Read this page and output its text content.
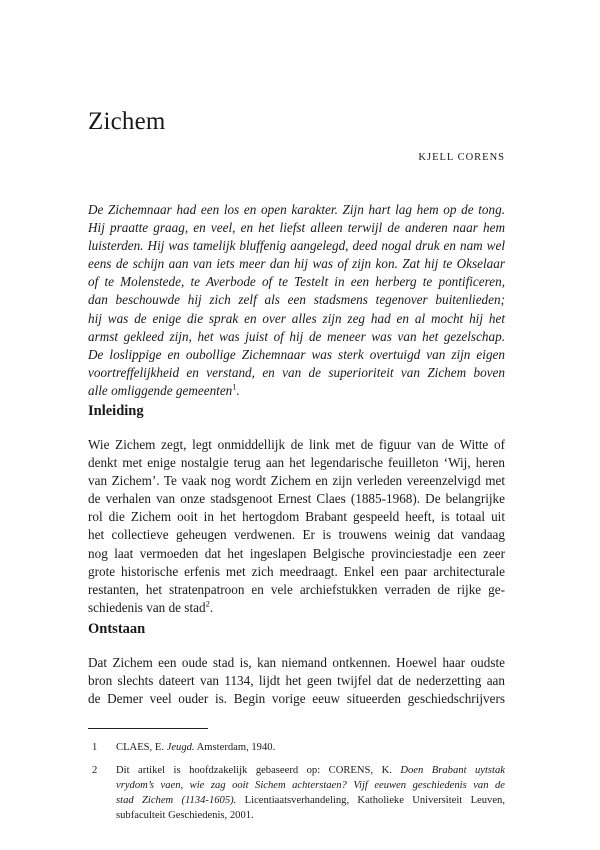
Zichem

KJELL CORENS

De Zichemnaar had een los en open karakter. Zijn hart lag hem op de tong.
Hij praatte graag, en veel, en het liefst alleen terwijl de anderen naar hem
luisterden. Hij was tamelijk bluffenig aangelegd, deed nogal druk en nam wel
eens de schijn aan van iets meer dan hij was of zijn kon. Zat hij te Okselaar
of te Molenstede, te Averbode of te Testelt in een herberg te pontificeren,
dan beschouwde hij zich zelf als een stadsmens tegenover buitenlieden;
hij was de enige die sprak en over alles zijn zeg had en al mocht hij het
armst gekleed zijn, het was juist of hij de meneer was van het gezelschap.
De loslippige en oubollige Zichemnaar was sterk overtuigd van zijn eigen
voortreffelijkheid en verstand, en van de superioriteit van Zichem boven
alle omliggende gemeenten$^1$.
Inleiding
Wie Zichem zegt, legt onmiddellijk de link met de figuur van de Witte of
denkt met enige nostalgie terug aan het legendarische feuilleton ‘Wij, heren
van Zichem’. Te vaak nog wordt Zichem en zijn verleden vereenzelvigd met
de verhalen van onze stadsgenoot Ernest Claes (1885-1968). De belangrijke
rol die Zichem ooit in het hertogdom Brabant gespeeld heeft, is totaal uit
het collectieve geheugen verdwenen. Er is trouwens weinig dat vandaag
nog laat vermoeden dat het ingeslapen Belgische provinciestadje een zeer
grote historische erfenis met zich meedraagt. Enkel een paar architecturale
restanten, het stratenpatroon en vele archiefstukken verraden de rijke ge-
schiedenis van de stad$^2$.
Ontstaan
Dat Zichem een oude stad is, kan niemand ontkennen. Hoewel haar oudste
bron slechts dateert van 1134, lijdt het geen twijfel dat de nederzetting aan
de Demer veel ouder is. Begin vorige eeuw situeerden geschiedschrijvers
1 CLAES, E. Jeugd. Amsterdam, 1940.
2 Dit artikel is hoofdzakelijk gebaseerd op: CORENS, K. Doen Brabant uytstak
vrydom’s vaen, wie zag ooit Sichem achterstaen? Vijf eeuwen geschiedenis van de
stad Zichem (1134-1605). Licentiaatsverhandeling, Katholieke Universiteit Leuven,
subfaculteit Geschiedenis, 2001.
